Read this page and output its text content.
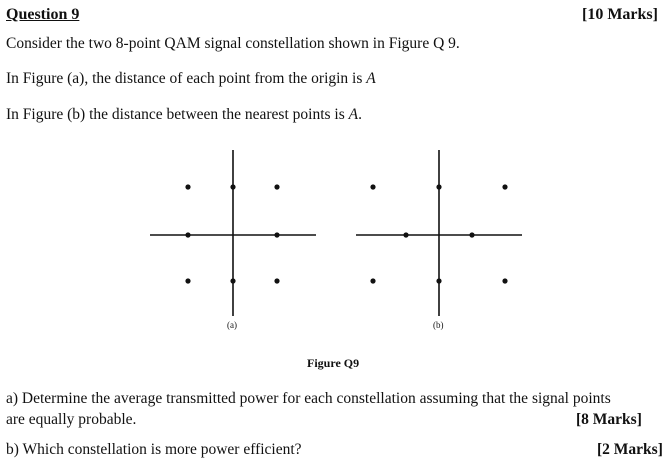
Question 9	[10 Marks]
Consider the two 8-point QAM signal constellation shown in Figure Q 9.
In Figure (a), the distance of each point from the origin is A
In Figure (b) the distance between the nearest points is A.
(a)	(b)
Figure Q9
a) Determine the average transmitted power for each constellation assuming that the signal points
are equally probable.	[8 Marks]
b) Which constellation is more power efficient?	[2 Marks]
